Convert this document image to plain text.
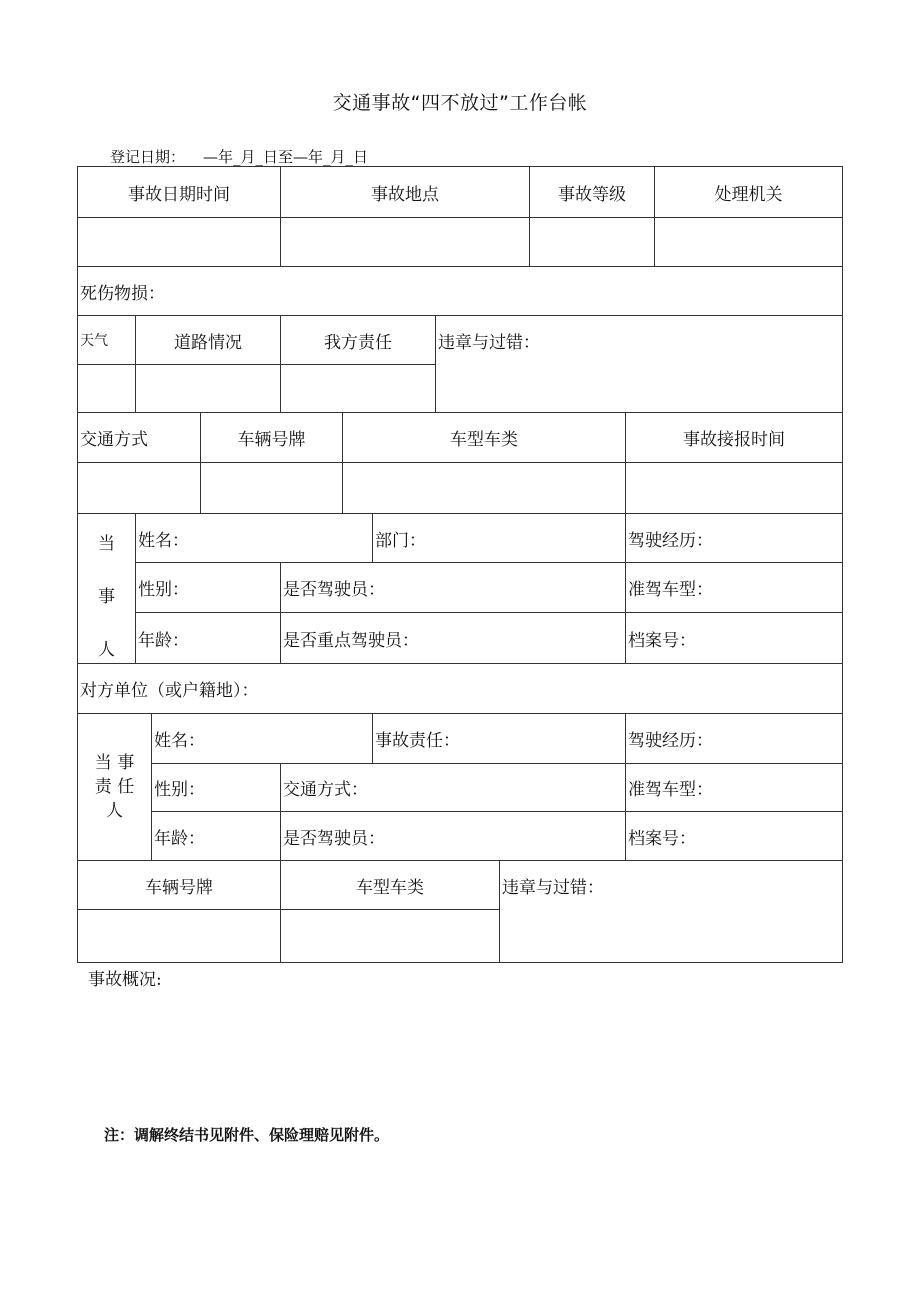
交通事故“四不放过”工作台帐
登记日期： —年_月_日至—年_月_日
事故日期时间	事故地点	事故等级	处理机关
死伤物损：
天气	道路情况	我方责任	违章与过错：
交通方式	车辆号牌	车型车类	事故接报时间
当
事
人
姓名：	部门：	驾驶经历：
性别：	是否驾驶员：	准驾车型：
年龄：	是否重点驾驶员：	档案号：
对方单位（或户籍地）：
当 事
责 任
人
姓名：	事故责任：	驾驶经历：
性别：	交通方式：	准驾车型：
年龄：	是否驾驶员：	档案号：
车辆号牌	车型车类	违章与过错：
事故概况:
注：调解终结书见附件、保险理赔见附件。
